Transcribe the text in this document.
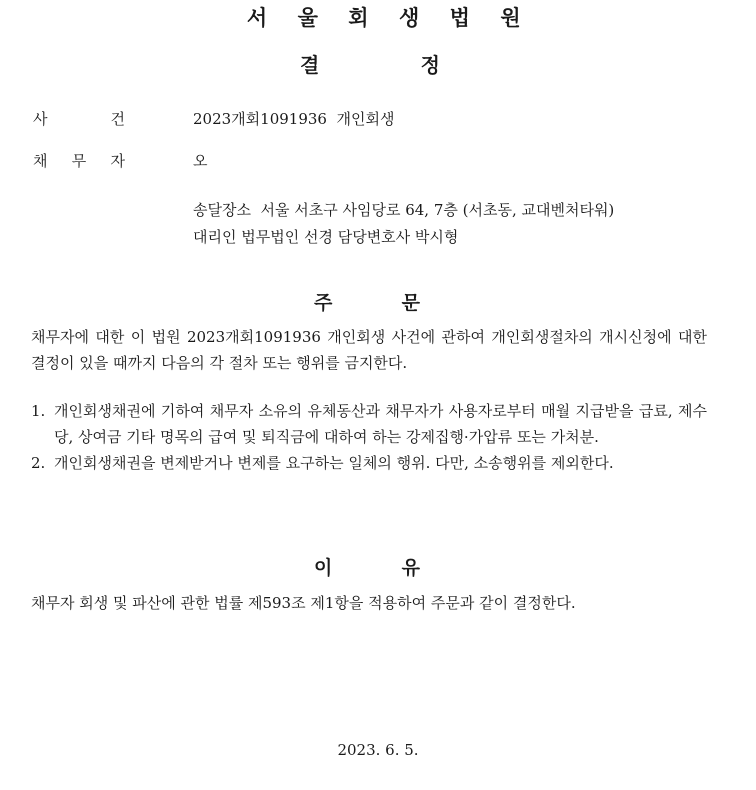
서 울 회 생 법 원
결	정
사	건	2023개회1091936  개인회생
채 무 자	오
송달장소  서울 서초구 사임당로 64, 7층 (서초동, 교대벤처타워)
대리인 법무법인 선경 담당변호사 박시형
주	문
채무자에 대한 이 법원 2023개회1091936 개인회생 사건에 관하여 개인회생절차의 개시신청에 대한 결정이 있을 때까지 다음의 각 절차 또는 행위를 금지한다.
1. 개인회생채권에 기하여 채무자 소유의 유체동산과 채무자가 사용자로부터 매월 지급받을 급료, 제수당, 상여금 기타 명목의 급여 및 퇴직금에 대하여 하는 강제집행·가압류 또는 가처분.
2. 개인회생채권을 변제받거나 변제를 요구하는 일체의 행위. 다만, 소송행위를 제외한다.
이	유
채무자 회생 및 파산에 관한 법률 제593조 제1항을 적용하여 주문과 같이 결정한다.
2023. 6. 5.
